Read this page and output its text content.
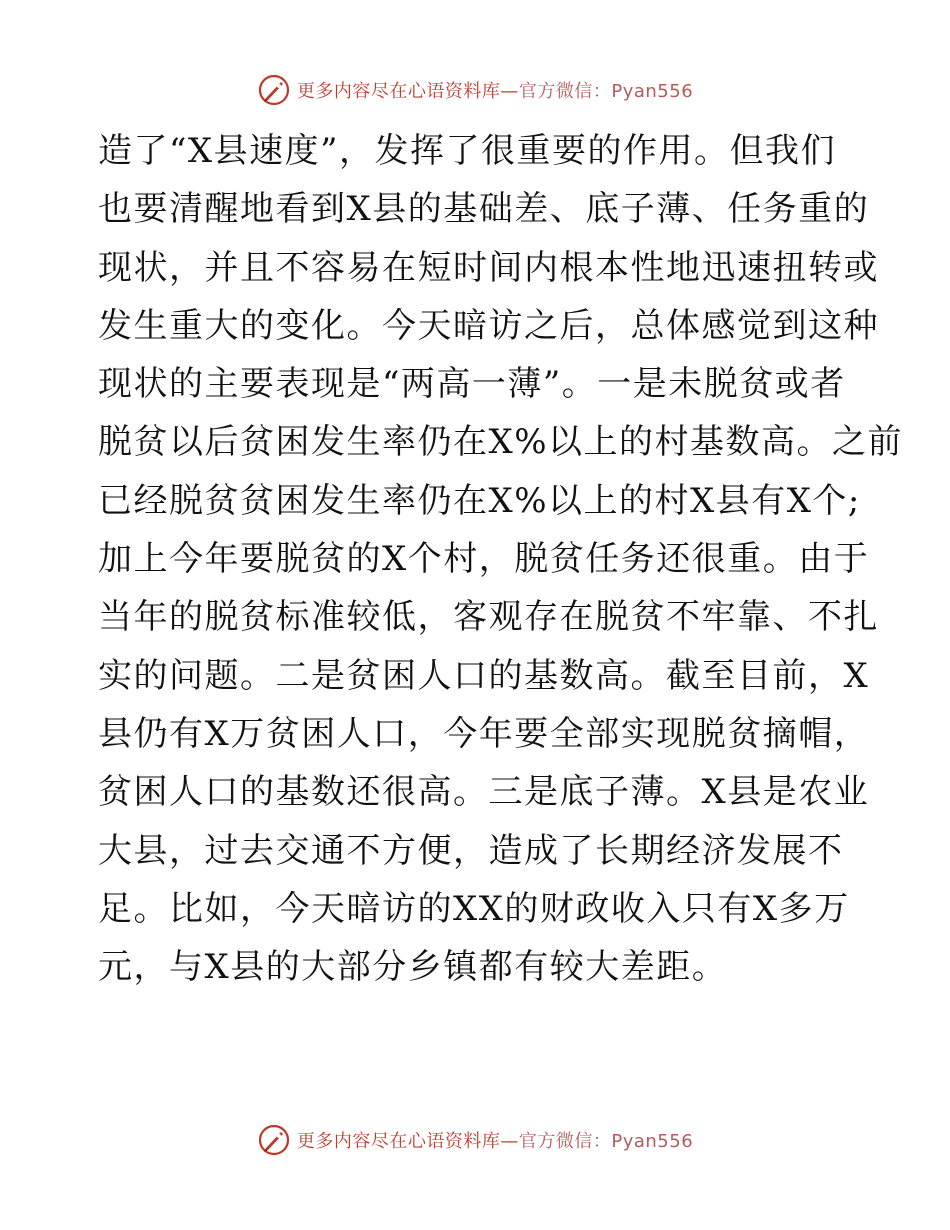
更多内容尽在心语资料库—官方微信：Pyan556
造了“X县速度”，发挥了很重要的作用。但我们
也要清醒地看到X县的基础差、底子薄、任务重的
现状，并且不容易在短时间内根本性地迅速扭转或
发生重大的变化。今天暗访之后，总体感觉到这种
现状的主要表现是“两高一薄”。一是未脱贫或者
脱贫以后贫困发生率仍在X%以上的村基数高。之前
已经脱贫贫困发生率仍在X%以上的村X县有X个;
加上今年要脱贫的X个村，脱贫任务还很重。由于
当年的脱贫标准较低，客观存在脱贫不牢靠、不扎
实的问题。二是贫困人口的基数高。截至目前，X
县仍有X万贫困人口，今年要全部实现脱贫摘帽，
贫困人口的基数还很高。三是底子薄。X县是农业
大县，过去交通不方便，造成了长期经济发展不
足。比如，今天暗访的XX的财政收入只有X多万
元，与X县的大部分乡镇都有较大差距。
更多内容尽在心语资料库—官方微信：Pyan556
